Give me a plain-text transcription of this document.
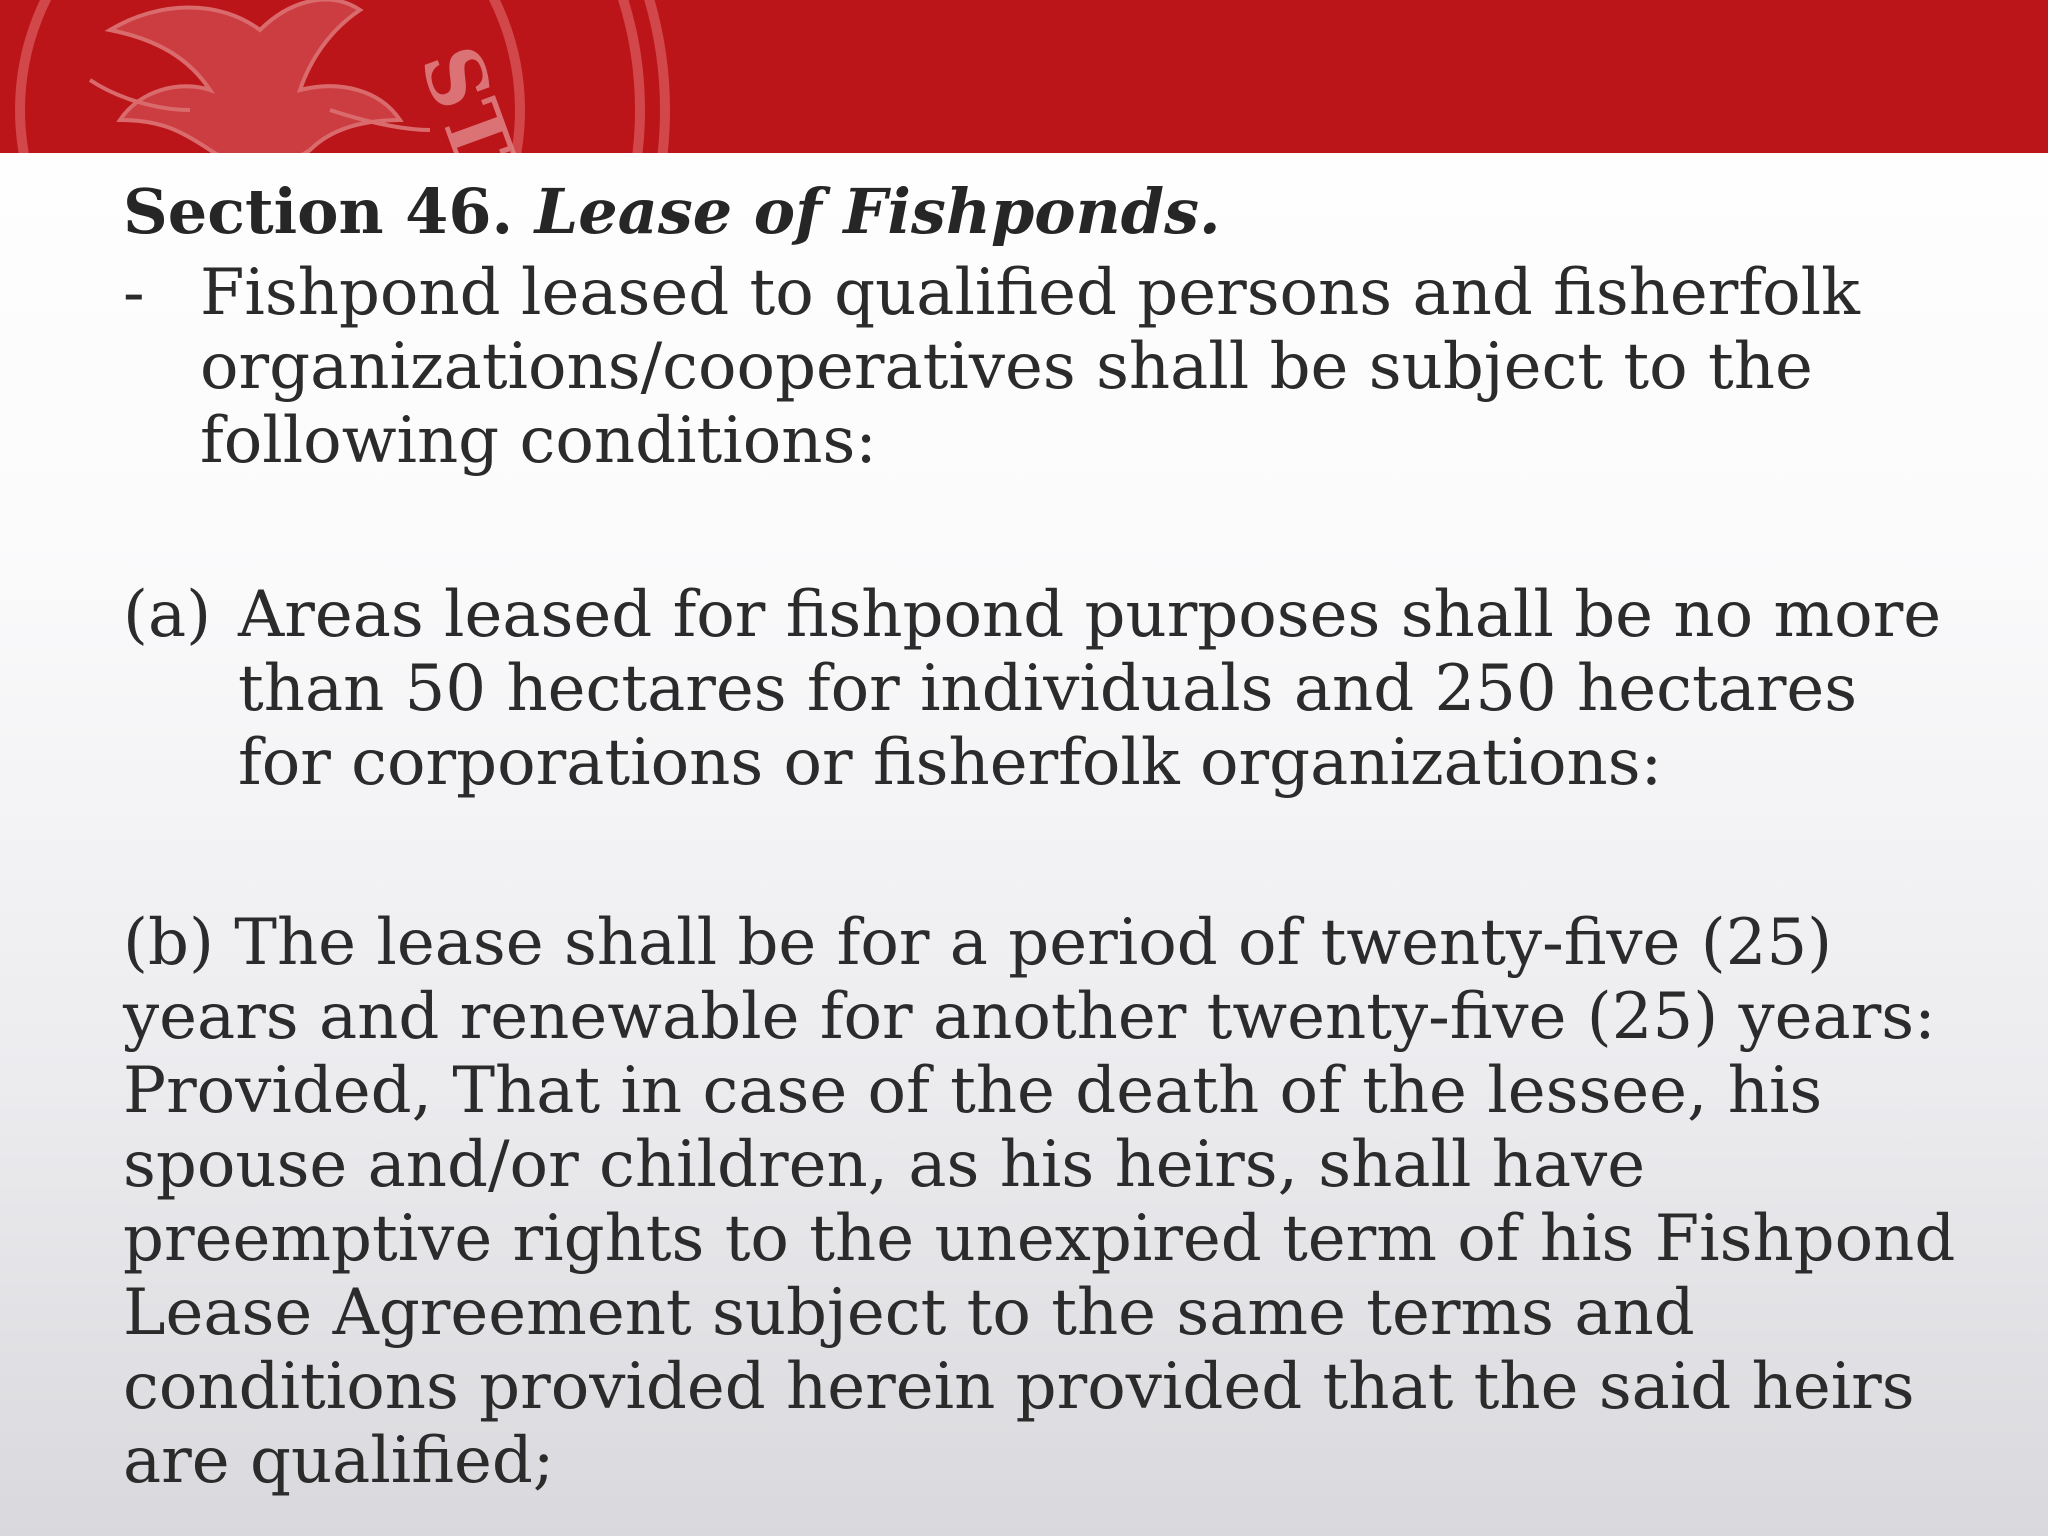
STY
Section 46. Lease of Fishponds.
- Fishpond leased to qualified persons and fisherfolk organizations/cooperatives shall be subject to the following conditions:
(a) Areas leased for fishpond purposes shall be no more than 50 hectares for individuals and 250 hectares for corporations or fisherfolk organizations:
(b) The lease shall be for a period of twenty-five (25) years and renewable for another twenty-five (25) years: Provided, That in case of the death of the lessee, his spouse and/or children, as his heirs, shall have preemptive rights to the unexpired term of his Fishpond Lease Agreement subject to the same terms and conditions provided herein provided that the said heirs are qualified;
